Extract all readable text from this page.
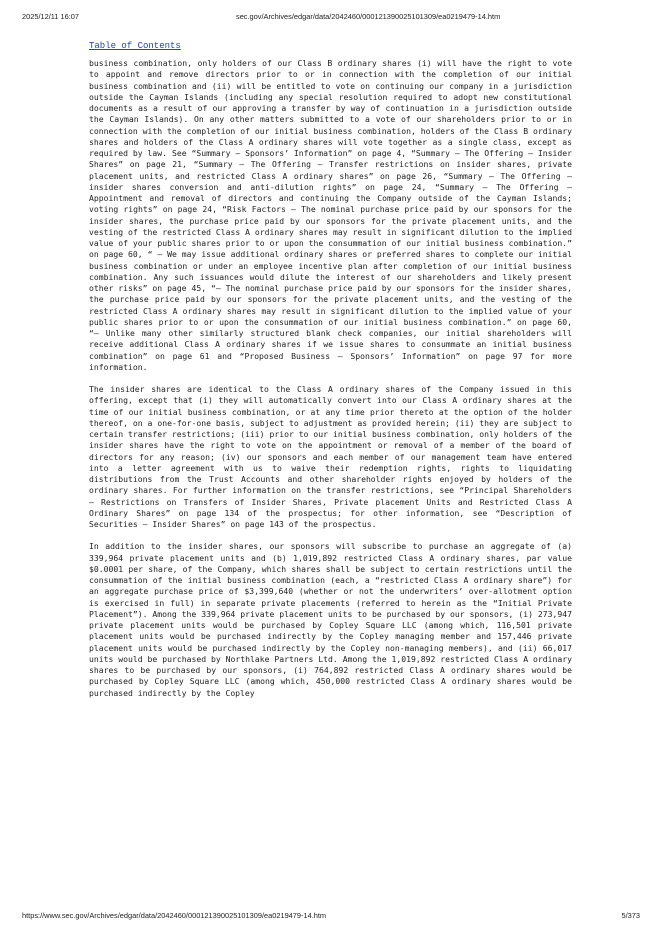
2025/12/11 16:07	sec.gov/Archives/edgar/data/2042460/000121390025101309/ea0219479-14.htm
Table of Contents

business combination, only holders of our Class B ordinary shares (i) will have the right to vote to appoint and remove directors prior to or in connection with the completion of our initial business combination and (ii) will be entitled to vote on continuing our company in a jurisdiction outside the Cayman Islands (including any special resolution required to adopt new constitutional documents as a result of our approving a transfer by way of continuation in a jurisdiction outside the Cayman Islands). On any other matters submitted to a vote of our shareholders prior to or in connection with the completion of our initial business combination, holders of the Class B ordinary shares and holders of the Class A ordinary shares will vote together as a single class, except as required by law. See “Summary — Sponsors’ Information” on page 4, “Summary — The Offering — Insider Shares” on page 21, “Summary — The Offering — Transfer restrictions on insider shares, private placement units, and restricted Class A ordinary shares” on page 26, “Summary — The Offering — insider shares conversion and anti-dilution rights” on page 24, “Summary — The Offering — Appointment and removal of directors and continuing the Company outside of the Cayman Islands; voting rights” on page 24, “Risk Factors — The nominal purchase price paid by our sponsors for the insider shares, the purchase price paid by our sponsors for the private placement units, and the vesting of the restricted Class A ordinary shares may result in significant dilution to the implied value of your public shares prior to or upon the consummation of our initial business combination.” on page 60, “ — We may issue additional ordinary shares or preferred shares to complete our initial business combination or under an employee incentive plan after completion of our initial business combination. Any such issuances would dilute the interest of our shareholders and likely present other risks” on page 45, “— The nominal purchase price paid by our sponsors for the insider shares, the purchase price paid by our sponsors for the private placement units, and the vesting of the restricted Class A ordinary shares may result in significant dilution to the implied value of your public shares prior to or upon the consummation of our initial business combination.” on page 60, “— Unlike many other similarly structured blank check companies, our initial shareholders will receive additional Class A ordinary shares if we issue shares to consummate an initial business combination” on page 61 and “Proposed Business — Sponsors’ Information” on page 97 for more information.

The insider shares are identical to the Class A ordinary shares of the Company issued in this offering, except that (i) they will automatically convert into our Class A ordinary shares at the time of our initial business combination, or at any time prior thereto at the option of the holder thereof, on a one-for-one basis, subject to adjustment as provided herein; (ii) they are subject to certain transfer restrictions; (iii) prior to our initial business combination, only holders of the insider shares have the right to vote on the appointment or removal of a member of the board of directors for any reason; (iv) our sponsors and each member of our management team have entered into a letter agreement with us to waive their redemption rights, rights to liquidating distributions from the Trust Accounts and other shareholder rights enjoyed by holders of the ordinary shares. For further information on the transfer restrictions, see “Principal Shareholders — Restrictions on Transfers of Insider Shares, Private placement Units and Restricted Class A Ordinary Shares” on page 134 of the prospectus; for other information, see “Description of Securities — Insider Shares” on page 143 of the prospectus.

In addition to the insider shares, our sponsors will subscribe to purchase an aggregate of (a) 339,964 private placement units and (b) 1,019,892 restricted Class A ordinary shares, par value $0.0001 per share, of the Company, which shares shall be subject to certain restrictions until the consummation of the initial business combination (each, a “restricted Class A ordinary share”) for an aggregate purchase price of $3,399,640 (whether or not the underwriters’ over-allotment option is exercised in full) in separate private placements (referred to herein as the “Initial Private Placement”). Among the 339,964 private placement units to be purchased by our sponsors, (i) 273,947 private placement units would be purchased by Copley Square LLC (among which, 116,501 private placement units would be purchased indirectly by the Copley managing member and 157,446 private placement units would be purchased indirectly by the Copley non-managing members), and (ii) 66,017 units would be purchased by Northlake Partners Ltd. Among the 1,019,892 restricted Class A ordinary shares to be purchased by our sponsors, (i) 764,892 restricted Class A ordinary shares would be purchased by Copley Square LLC (among which, 450,000 restricted Class A ordinary shares would be purchased indirectly by the Copley

https://www.sec.gov/Archives/edgar/data/2042460/000121390025101309/ea0219479-14.htm	5/373
